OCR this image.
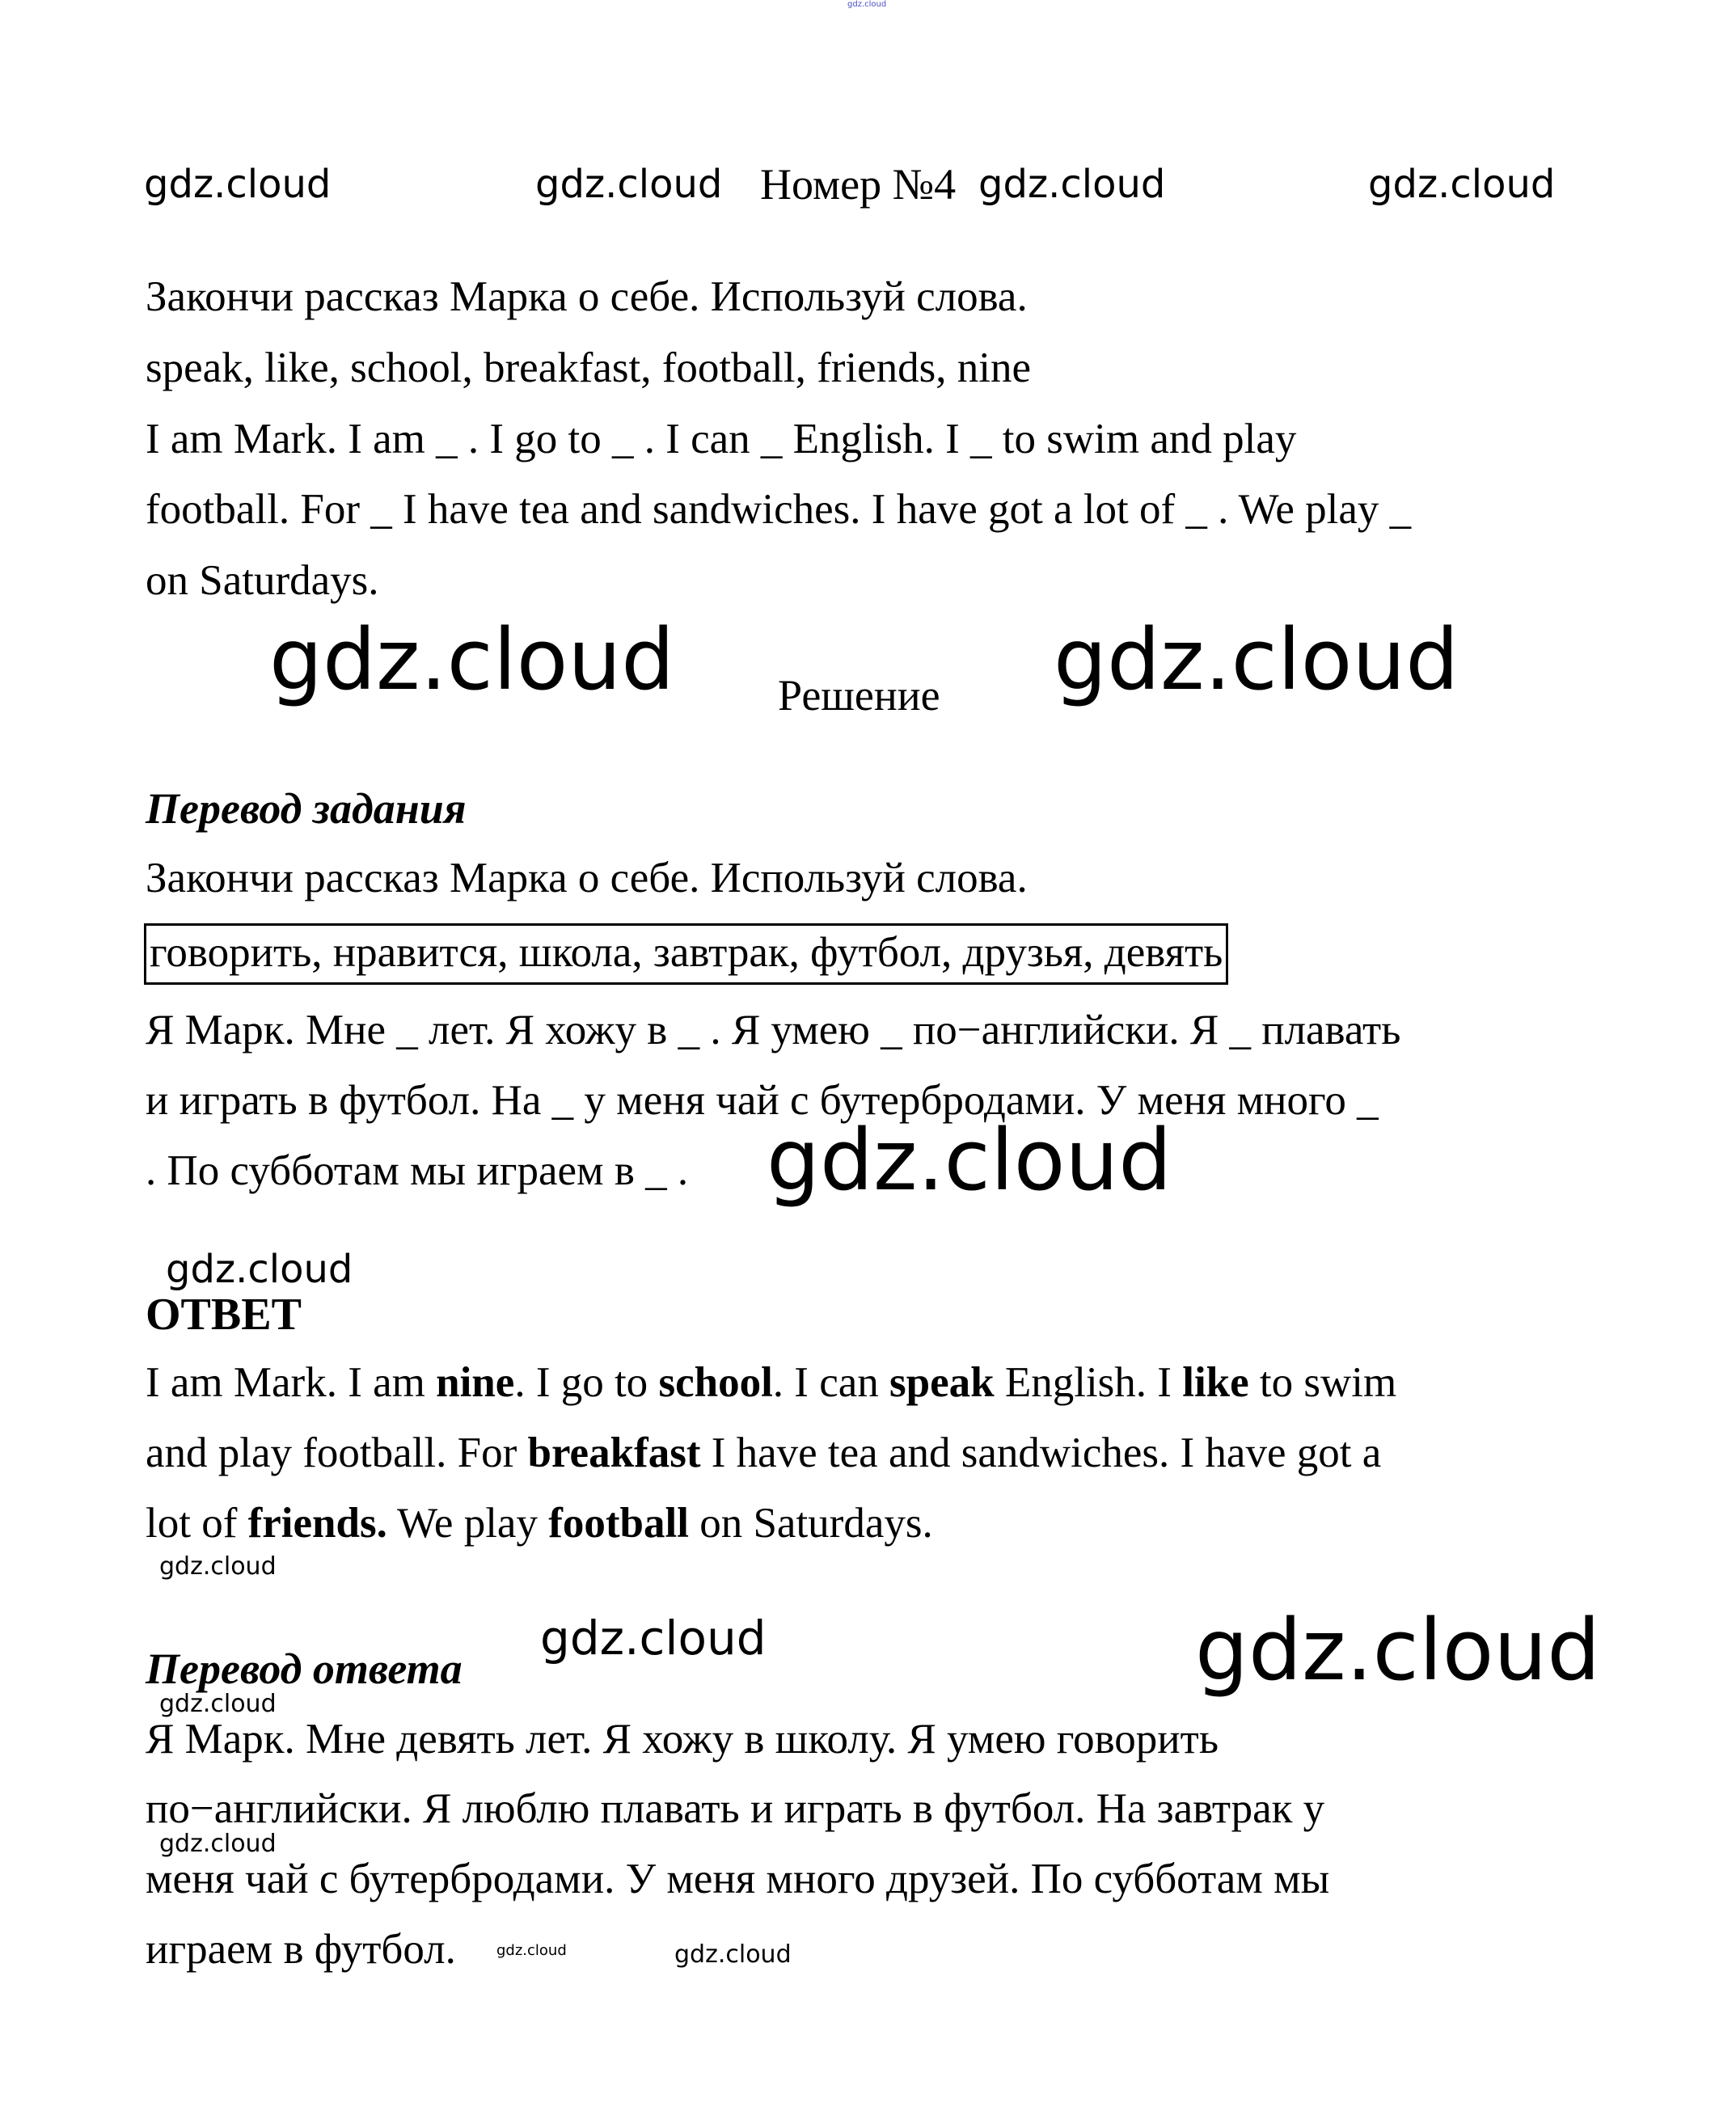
gdz.cloud
gdz.cloud	gdz.cloud	gdz.cloud	gdz.cloud
Номер №4
Закончи рассказ Марка о себе. Используй слова.
speak, like, school, breakfast, football, friends, nine
I am Mark. I am _ . I go to _ . I can _ English. I _ to swim and play
football. For _ I have tea and sandwiches. I have got a lot of _ . We play _
on Saturdays.
gdz.cloud Решение gdz.cloud
Перевод задания
Закончи рассказ Марка о себе. Используй слова.
говорить, нравится, школа, завтрак, футбол, друзья, девять
Я Марк. Мне _ лет. Я хожу в _ . Я умею _ по−английски. Я _ плавать
и играть в футбол. На _ у меня чай с бутербродами. У меня много _
. По субботам мы играем в _ . gdz.cloud
gdz.cloud
ОТВЕТ
I am Mark. I am nine. I go to school. I can speak English. I like to swim
and play football. For breakfast I have tea and sandwiches. I have got a
lot of friends. We play football on Saturdays.
gdz.cloud
Перевод ответа
gdz.cloud	gdz.cloud
gdz.cloud
Я Марк. Мне девять лет. Я хожу в школу. Я умею говорить
по−английски. Я люблю плавать и играть в футбол. На завтрак у
gdz.cloud
меня чай с бутербродами. У меня много друзей. По субботам мы
играем в футбол.	gdz.cloud	gdz.cloud
